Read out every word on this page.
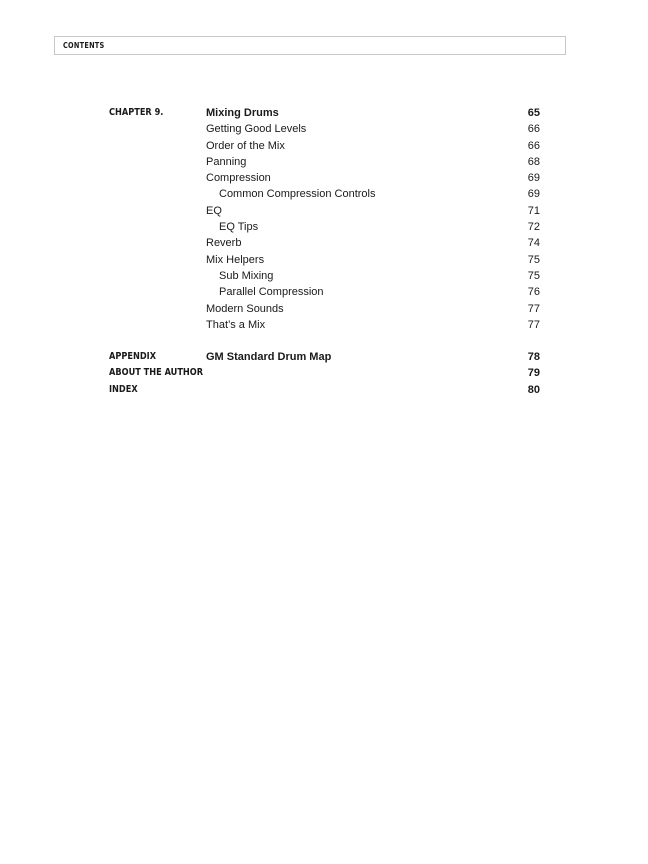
CONTENTS
CHAPTER 9.	Mixing Drums	65
Getting Good Levels	66
Order of the Mix	66
Panning	68
Compression	69
Common Compression Controls	69
EQ	71
EQ Tips	72
Reverb	74
Mix Helpers	75
Sub Mixing	75
Parallel Compression	76
Modern Sounds	77
That’s a Mix	77
APPENDIX	GM Standard Drum Map	78
ABOUT THE AUTHOR	79
INDEX	80
